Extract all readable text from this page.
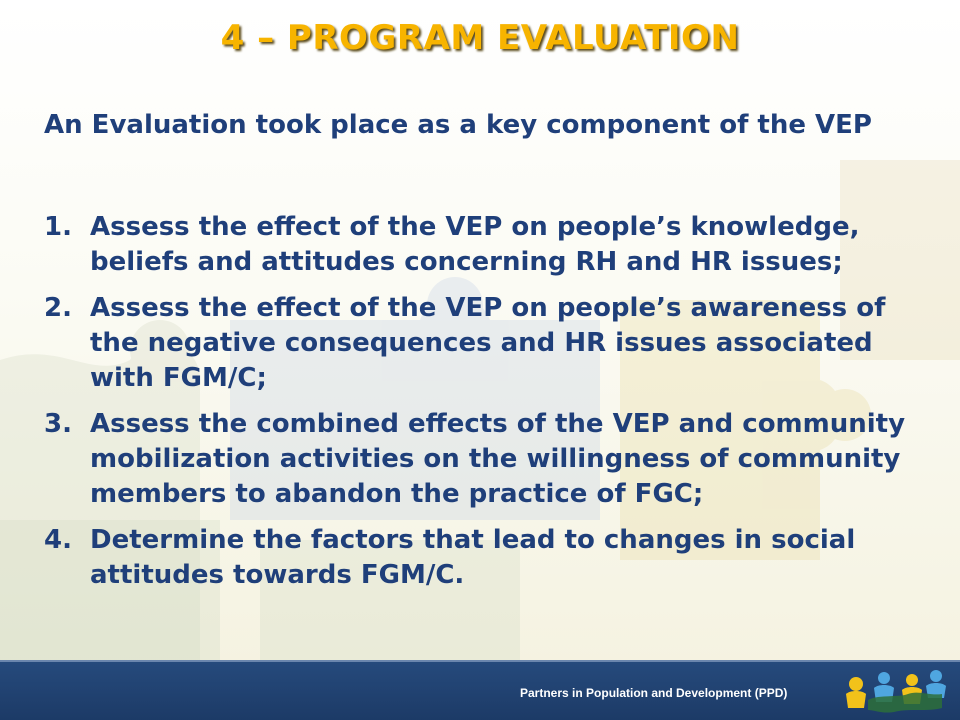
4 – PROGRAM EVALUATION
An Evaluation took place as a key component of the VEP
1. Assess the effect of the VEP on people’s knowledge, beliefs and attitudes concerning RH and HR issues;
2. Assess the effect of the VEP on people’s awareness of the negative consequences and HR issues associated with FGM/C;
3. Assess the combined effects of the VEP and community mobilization activities on the willingness of community members to abandon the practice of FGC;
4. Determine the factors that lead to changes in social attitudes towards FGM/C.
Partners in Population and Development (PPD)
